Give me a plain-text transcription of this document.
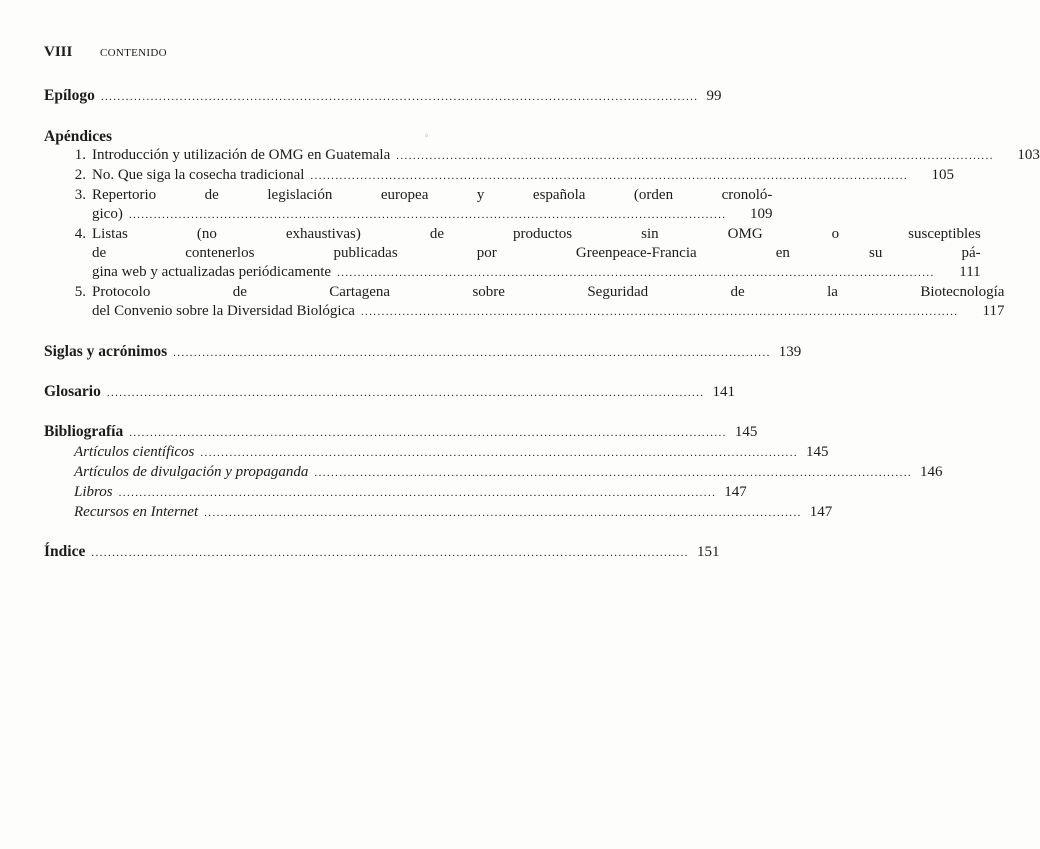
VIII	CONTENIDO
ﾟ
Epílogo .....	99
Apéndices
1. Introducción y utilización de OMG en Guatemala .....	103
2. No. Que siga la cosecha tradicional .....	105
3. Repertorio de legislación europea y española (orden cronoló-
gico) .....	109
4. Listas (no exhaustivas) de productos sin OMG o susceptibles
de contenerlos publicadas por Greenpeace-Francia en su pá-
gina web y actualizadas periódicamente .....	111
5. Protocolo de Cartagena sobre Seguridad de la Biotecnología
del Convenio sobre la Diversidad Biológica .....	117
Siglas y acrónimos .....	139
Glosario .....	141
Bibliografía .....	145
Artículos científicos .....	145
Artículos de divulgación y propaganda .....	146
Libros .....	147
Recursos en Internet .....	147
Índice .....	151
